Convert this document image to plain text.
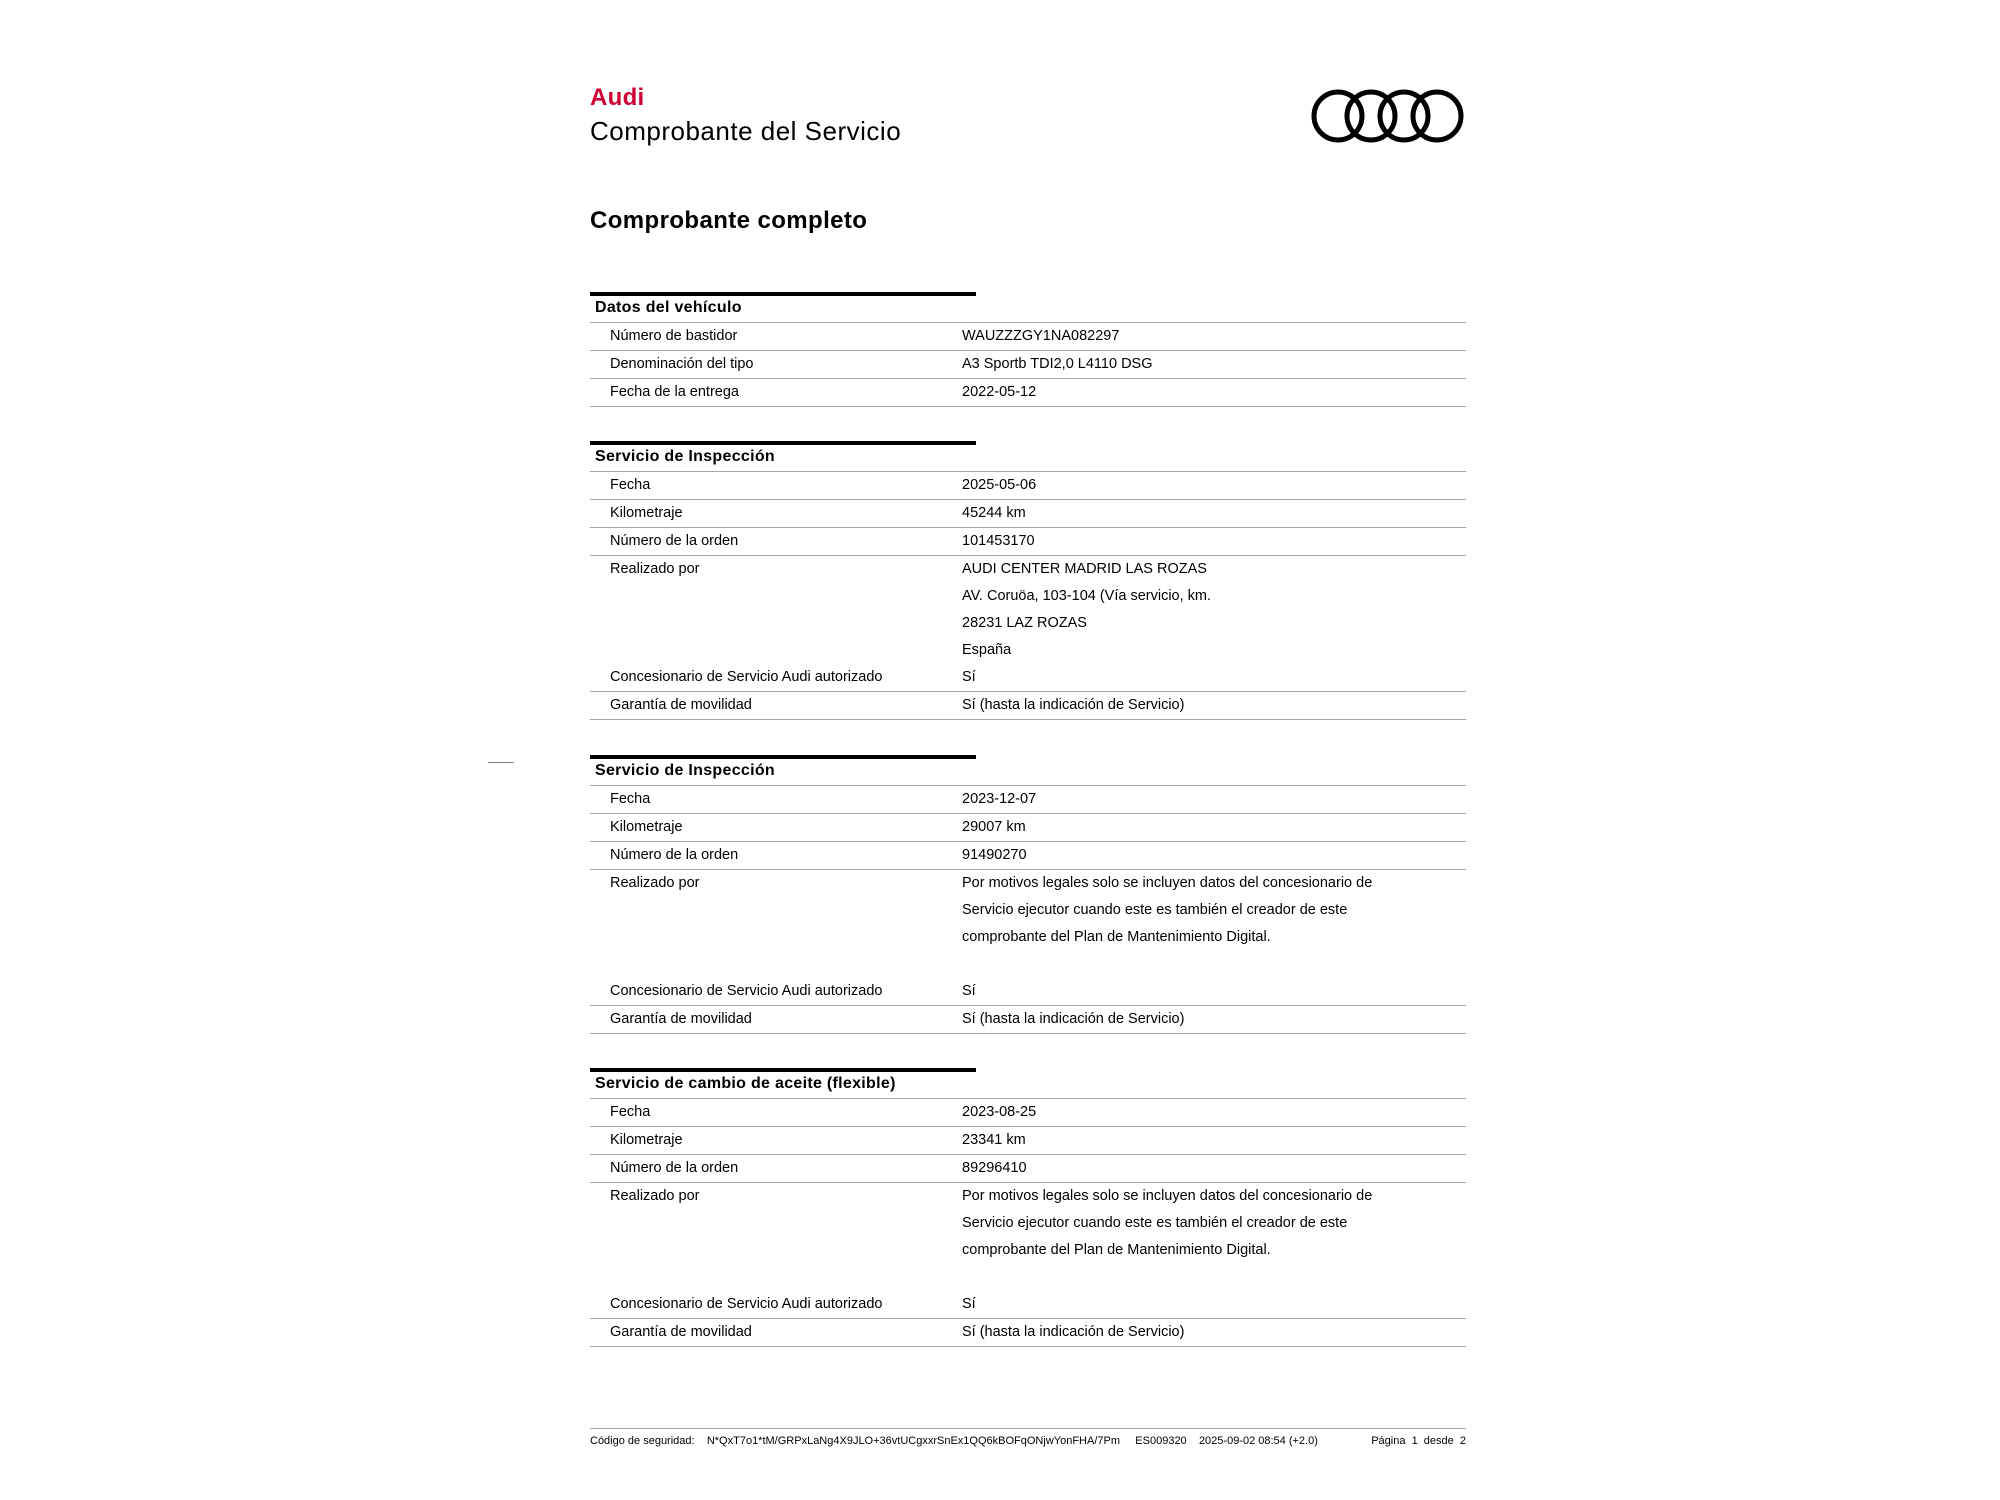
Audi
Comprobante del Servicio
Comprobante completo
Datos del vehículo
Número de bastidor	WAUZZZGY1NA082297
Denominación del tipo	A3 Sportb TDI2,0 L4110 DSG
Fecha de la entrega	2022-05-12
Servicio de Inspección
Fecha	2025-05-06
Kilometraje	45244 km
Número de la orden	101453170
Realizado por	AUDI CENTER MADRID LAS ROZAS
AV. Coruöa, 103-104 (Vía servicio, km.
28231 LAZ ROZAS
España
Concesionario de Servicio Audi autorizado	Sí
Garantía de movilidad	Sí (hasta la indicación de Servicio)
Servicio de Inspección
Fecha	2023-12-07
Kilometraje	29007 km
Número de la orden	91490270
Realizado por	Por motivos legales solo se incluyen datos del concesionario de
Servicio ejecutor cuando este es también el creador de este
comprobante del Plan de Mantenimiento Digital.

Concesionario de Servicio Audi autorizado	Sí
Garantía de movilidad	Sí (hasta la indicación de Servicio)
Servicio de cambio de aceite (flexible)
Fecha	2023-08-25
Kilometraje	23341 km
Número de la orden	89296410
Realizado por	Por motivos legales solo se incluyen datos del concesionario de
Servicio ejecutor cuando este es también el creador de este
comprobante del Plan de Mantenimiento Digital.

Concesionario de Servicio Audi autorizado	Sí
Garantía de movilidad	Sí (hasta la indicación de Servicio)
Código de seguridad: N*QxT7o1*tM/GRPxLaNg4X9JLO+36vtUCgxxrSnEx1QQ6kBOFqONjwYonFHA/7Pm ES009320 2025-09-02 08:54 (+2.0)	Página  1  desde  2
